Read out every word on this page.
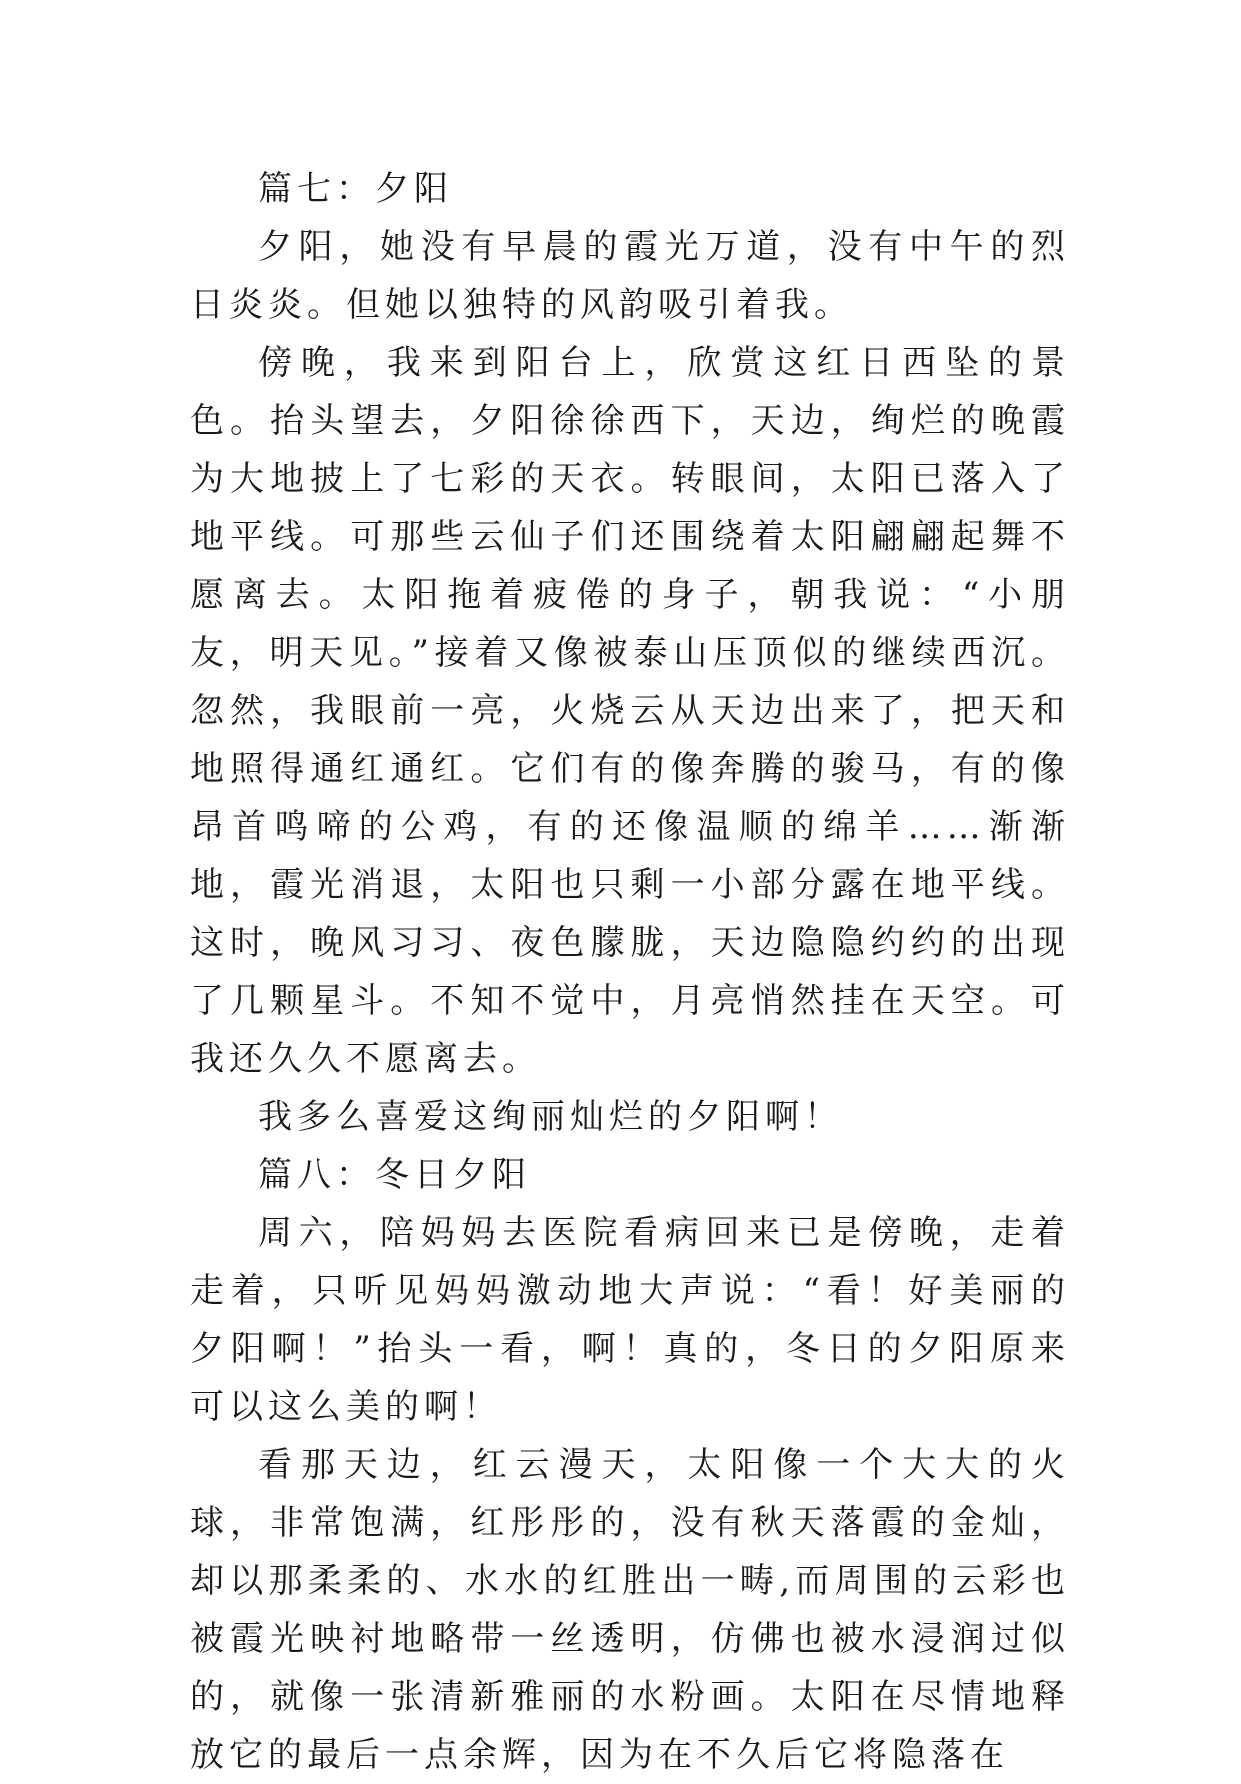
篇七：夕阳

夕阳，她没有早晨的霞光万道，没有中午的烈日炎炎。但她以独特的风韵吸引着我。

傍晚，我来到阳台上，欣赏这红日西坠的景色。抬头望去，夕阳徐徐西下，天边，绚烂的晚霞为大地披上了七彩的天衣。转眼间，太阳已落入了地平线。可那些云仙子们还围绕着太阳翩翩起舞不愿离去。太阳拖着疲倦的身子，朝我说：“小朋友，明天见。”接着又像被泰山压顶似的继续西沉。忽然，我眼前一亮，火烧云从天边出来了，把天和地照得通红通红。它们有的像奔腾的骏马，有的像昂首鸣啼的公鸡，有的还像温顺的绵羊……渐渐地，霞光消退，太阳也只剩一小部分露在地平线。这时，晚风习习、夜色朦胧，天边隐隐约约的出现了几颗星斗。不知不觉中，月亮悄然挂在天空。可我还久久不愿离去。

我多么喜爱这绚丽灿烂的夕阳啊！

篇八：冬日夕阳

周六，陪妈妈去医院看病回来已是傍晚，走着走着，只听见妈妈激动地大声说：“看！好美丽的夕阳啊！”抬头一看，啊！真的，冬日的夕阳原来可以这么美的啊！

看那天边，红云漫天，太阳像一个大大的火球，非常饱满，红彤彤的，没有秋天落霞的金灿，却以那柔柔的、水水的红胜出一畴,而周围的云彩也被霞光映衬地略带一丝透明，仿佛也被水浸润过似的，就像一张清新雅丽的水粉画。太阳在尽情地释放它的最后一点余辉，因为在不久后它将隐落在
